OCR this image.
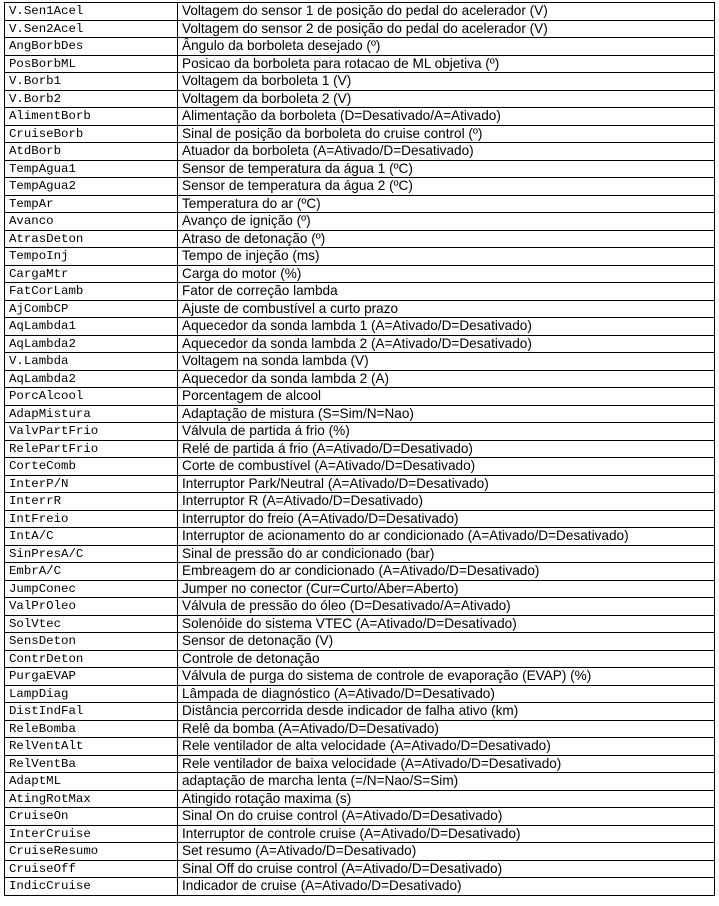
V.Sen1Acel	Voltagem do sensor 1 de posição do pedal do acelerador (V)
V.Sen2Acel	Voltagem do sensor 2 de posição do pedal do acelerador (V)
AngBorbDes	Ângulo da borboleta desejado (º)
PosBorbML	Posicao da borboleta para rotacao de ML objetiva (º)
V.Borb1	Voltagem da borboleta 1 (V)
V.Borb2	Voltagem da borboleta 2 (V)
AlimentBorb	Alimentação da borboleta (D=Desativado/A=Ativado)
CruiseBorb	Sinal de posição da borboleta do cruise control (º)
AtdBorb	Atuador da borboleta (A=Ativado/D=Desativado)
TempAgua1	Sensor de temperatura da água 1 (ºC)
TempAgua2	Sensor de temperatura da água 2 (ºC)
TempAr	Temperatura do ar (ºC)
Avanco	Avanço de ignição (º)
AtrasDeton	Atraso de detonação (º)
TempoInj	Tempo de injeção (ms)
CargaMtr	Carga do motor (%)
FatCorLamb	Fator de correção lambda
AjCombCP	Ajuste de combustível a curto prazo
AqLambda1	Aquecedor da sonda lambda 1 (A=Ativado/D=Desativado)
AqLambda2	Aquecedor da sonda lambda 2 (A=Ativado/D=Desativado)
V.Lambda	Voltagem na sonda lambda (V)
AqLambda2	Aquecedor da sonda lambda 2 (A)
PorcAlcool	Porcentagem de alcool
AdapMistura	Adaptação de mistura (S=Sim/N=Nao)
ValvPartFrio	Válvula de partida á frio (%)
RelePartFrio	Relé de partida á frio (A=Ativado/D=Desativado)
CorteComb	Corte de combustível (A=Ativado/D=Desativado)
InterP/N	Interruptor Park/Neutral (A=Ativado/D=Desativado)
InterrR	Interruptor R (A=Ativado/D=Desativado)
IntFreio	Interruptor do freio (A=Ativado/D=Desativado)
IntA/C	Interruptor de acionamento do ar condicionado (A=Ativado/D=Desativado)
SinPresA/C	Sinal de pressão do ar condicionado (bar)
EmbrA/C	Embreagem do ar condicionado (A=Ativado/D=Desativado)
JumpConec	Jumper no conector (Cur=Curto/Aber=Aberto)
ValPrOleo	Válvula de pressão do óleo (D=Desativado/A=Ativado)
SolVtec	Solenóide do sistema VTEC (A=Ativado/D=Desativado)
SensDeton	Sensor de detonação (V)
ContrDeton	Controle de detonação
PurgaEVAP	Válvula de purga do sistema de controle de evaporação (EVAP) (%)
LampDiag	Lâmpada de diagnóstico (A=Ativado/D=Desativado)
DistIndFal	Distância percorrida desde indicador de falha ativo (km)
ReleBomba	Relê da bomba (A=Ativado/D=Desativado)
RelVentAlt	Rele ventilador de alta velocidade (A=Ativado/D=Desativado)
RelVentBa	Rele ventilador de baixa velocidade (A=Ativado/D=Desativado)
AdaptML	adaptação de marcha lenta (=/N=Nao/S=Sim)
AtingRotMax	Atingido rotação maxima (s)
CruiseOn	Sinal On do cruise control (A=Ativado/D=Desativado)
InterCruise	Interruptor de controle cruise (A=Ativado/D=Desativado)
CruiseResumo	Set resumo (A=Ativado/D=Desativado)
CruiseOff	Sinal Off do cruise control (A=Ativado/D=Desativado)
IndicCruise	Indicador de cruise (A=Ativado/D=Desativado)
